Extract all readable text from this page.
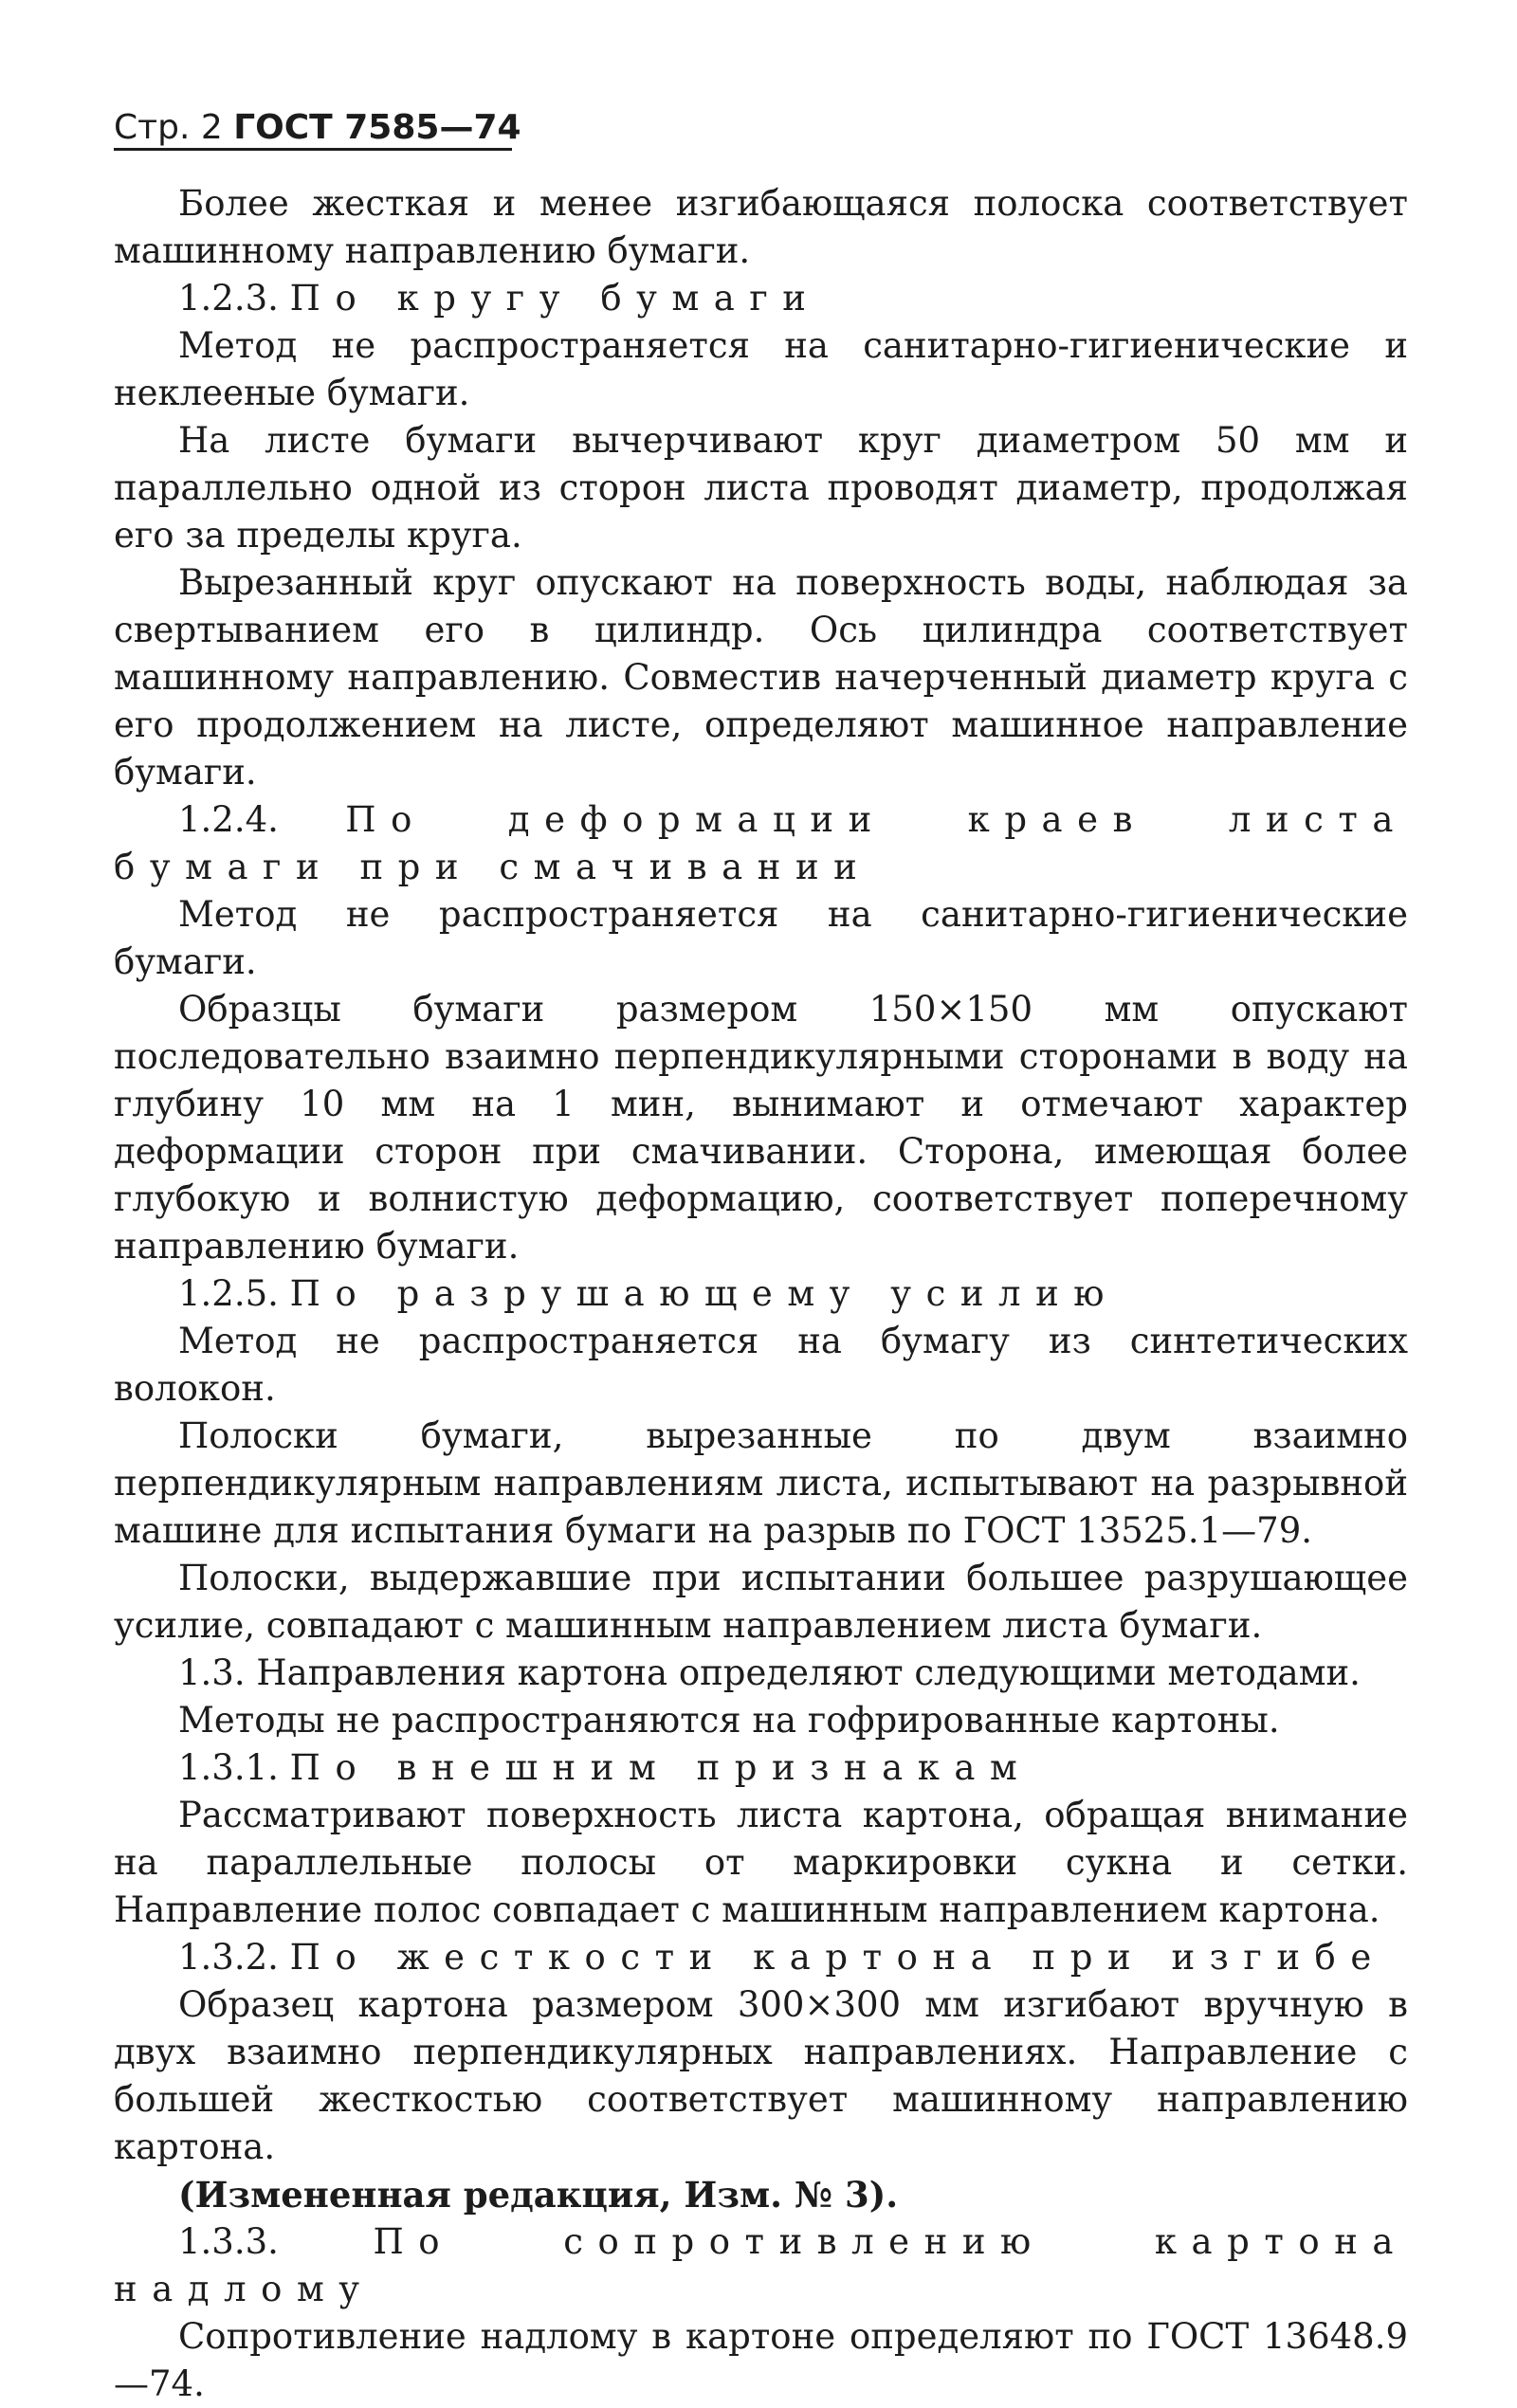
Стр. 2 ГОСТ 7585—74

Более жесткая и менее изгибающаяся полоска соответствует машинному направлению бумаги.

1.2.3. По кругу бумаги

Метод не распространяется на санитарно-гигиенические и неклееные бумаги.

На листе бумаги вычерчивают круг диаметром 50 мм и параллельно одной из сторон листа проводят диаметр, продолжая его за пределы круга.

Вырезанный круг опускают на поверхность воды, наблюдая за свертыванием его в цилиндр. Ось цилиндра соответствует машинному направлению. Совместив начерченный диаметр круга с его продолжением на листе, определяют машинное направление бумаги.

1.2.4. По деформации краев листа бумаги при смачивании

Метод не распространяется на санитарно-гигиенические бумаги.

Образцы бумаги размером 150×150 мм опускают последовательно взаимно перпендикулярными сторонами в воду на глубину 10 мм на 1 мин, вынимают и отмечают характер деформации сторон при смачивании. Сторона, имеющая более глубокую и волнистую деформацию, соответствует поперечному направлению бумаги.

1.2.5. По разрушающему усилию

Метод не распространяется на бумагу из синтетических волокон.

Полоски бумаги, вырезанные по двум взаимно перпендикулярным направлениям листа, испытывают на разрывной машине для испытания бумаги на разрыв по ГОСТ 13525.1—79.

Полоски, выдержавшие при испытании большее разрушающее усилие, совпадают с машинным направлением листа бумаги.

1.3. Направления картона определяют следующими методами.

Методы не распространяются на гофрированные картоны.

1.3.1. По внешним признакам

Рассматривают поверхность листа картона, обращая внимание на параллельные полосы от маркировки сукна и сетки. Направление полос совпадает с машинным направлением картона.

1.3.2. По жесткости картона при изгибе

Образец картона размером 300×300 мм изгибают вручную в двух взаимно перпендикулярных направлениях. Направление с большей жесткостью соответствует машинному направлению картона.

(Измененная редакция, Изм. № 3).

1.3.3.	По сопротивлению картона надлому

Сопротивление надлому в картоне определяют по ГОСТ 13648.9—74.
